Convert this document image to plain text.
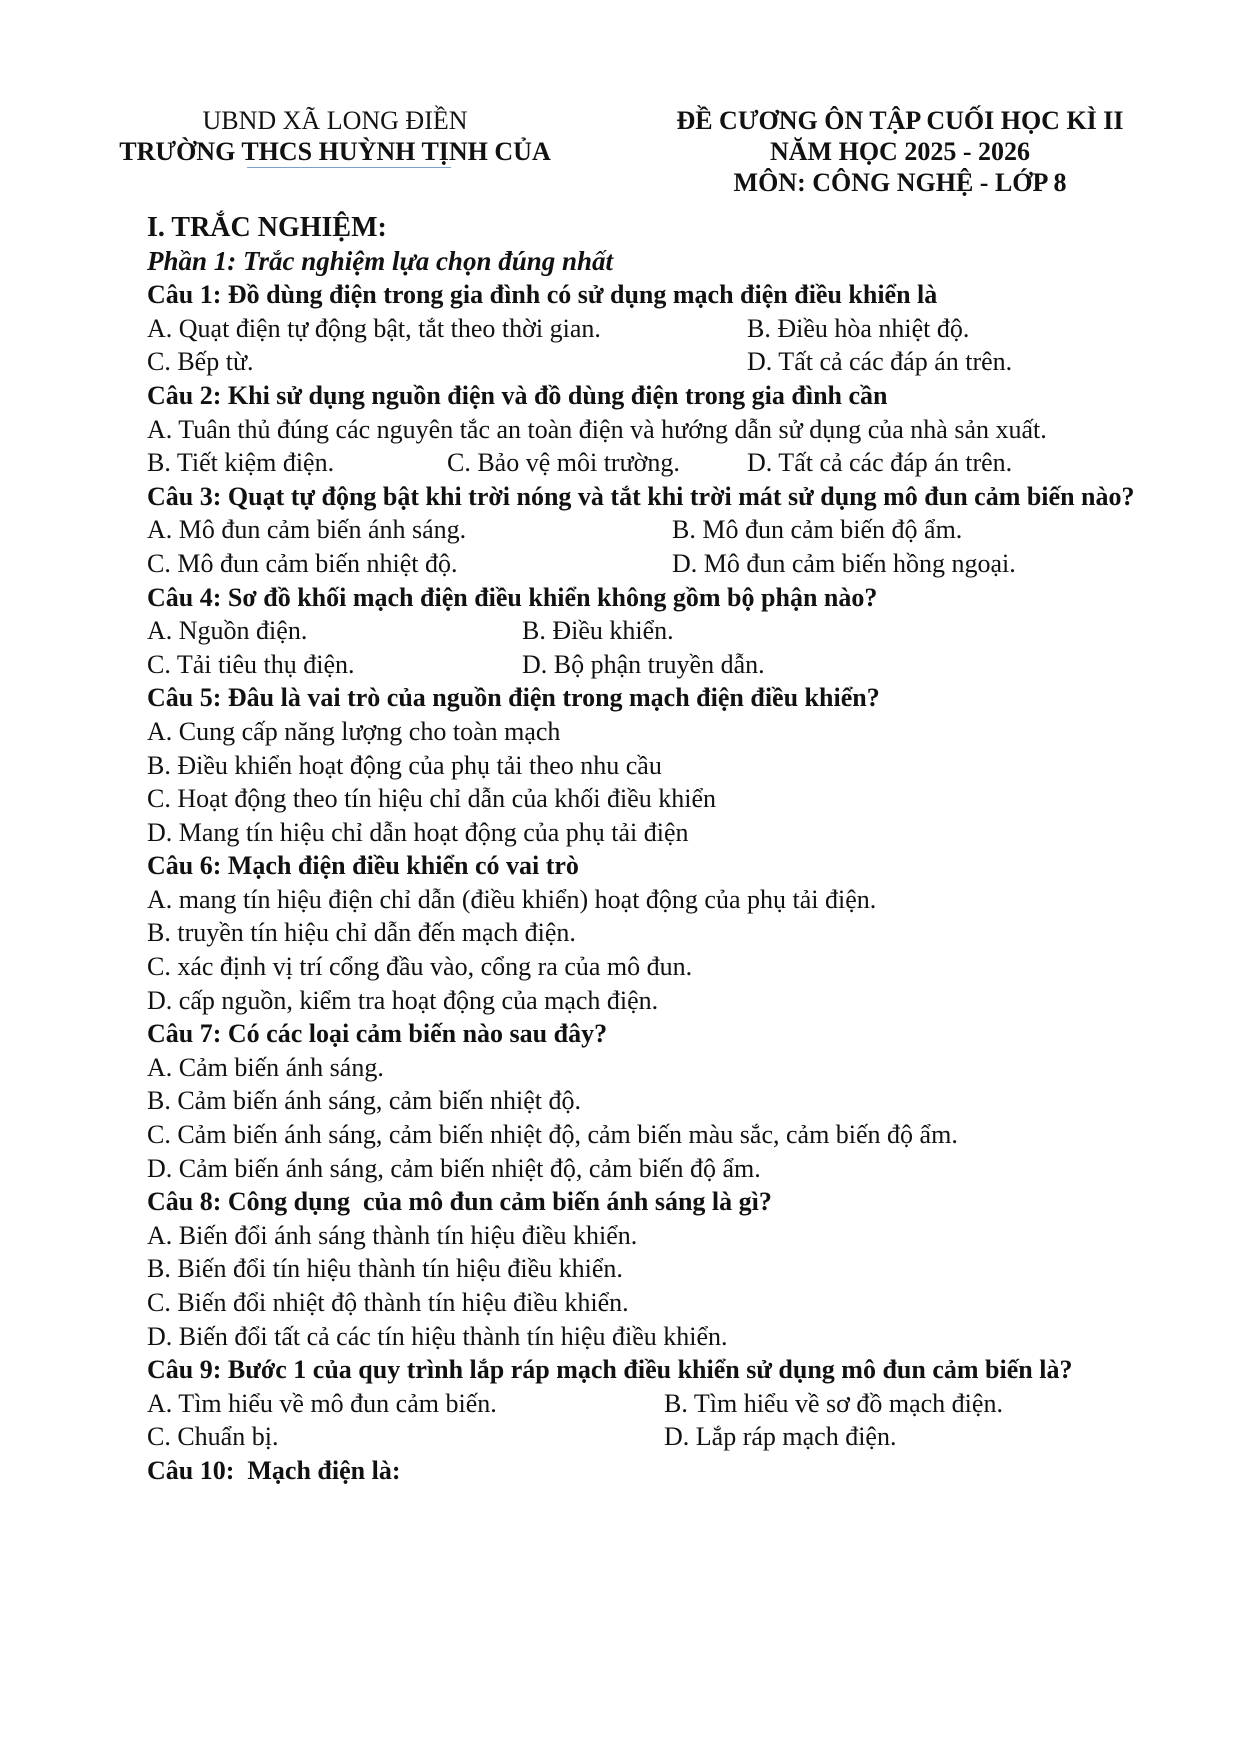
UBND XÃ LONG ĐIỀN
TRƯỜNG THCS HUỲNH TỊNH CỦA
ĐỀ CƯƠNG ÔN TẬP CUỐI HỌC KÌ II
NĂM HỌC 2025 - 2026
MÔN: CÔNG NGHỆ - LỚP 8
I. TRẮC NGHIỆM:
Phần 1: Trắc nghiệm lựa chọn đúng nhất
Câu 1: Đồ dùng điện trong gia đình có sử dụng mạch điện điều khiển là
A. Quạt điện tự động bật, tắt theo thời gian.	B. Điều hòa nhiệt độ.
C. Bếp từ.	D. Tất cả các đáp án trên.
Câu 2: Khi sử dụng nguồn điện và đồ dùng điện trong gia đình cần
A. Tuân thủ đúng các nguyên tắc an toàn điện và hướng dẫn sử dụng của nhà sản xuất.
B. Tiết kiệm điện.	C. Bảo vệ môi trường.	D. Tất cả các đáp án trên.
Câu 3: Quạt tự động bật khi trời nóng và tắt khi trời mát sử dụng mô đun cảm biến nào?
A. Mô đun cảm biến ánh sáng.	B. Mô đun cảm biến độ ẩm.
C. Mô đun cảm biến nhiệt độ.	D. Mô đun cảm biến hồng ngoại.
Câu 4: Sơ đồ khối mạch điện điều khiển không gồm bộ phận nào?
A. Nguồn điện.	B. Điều khiển.
C. Tải tiêu thụ điện.	D. Bộ phận truyền dẫn.
Câu 5: Đâu là vai trò của nguồn điện trong mạch điện điều khiển?
A. Cung cấp năng lượng cho toàn mạch
B. Điều khiển hoạt động của phụ tải theo nhu cầu
C. Hoạt động theo tín hiệu chỉ dẫn của khối điều khiển
D. Mang tín hiệu chỉ dẫn hoạt động của phụ tải điện
Câu 6: Mạch điện điều khiển có vai trò
A. mang tín hiệu điện chỉ dẫn (điều khiển) hoạt động của phụ tải điện.
B. truyền tín hiệu chỉ dẫn đến mạch điện.
C. xác định vị trí cổng đầu vào, cổng ra của mô đun.
D. cấp nguồn, kiểm tra hoạt động của mạch điện.
Câu 7: Có các loại cảm biến nào sau đây?
A. Cảm biến ánh sáng.
B. Cảm biến ánh sáng, cảm biến nhiệt độ.
C. Cảm biến ánh sáng, cảm biến nhiệt độ, cảm biến màu sắc, cảm biến độ ẩm.
D. Cảm biến ánh sáng, cảm biến nhiệt độ, cảm biến độ ẩm.
Câu 8: Công dụng  của mô đun cảm biến ánh sáng là gì?
A. Biến đổi ánh sáng thành tín hiệu điều khiển.
B. Biến đổi tín hiệu thành tín hiệu điều khiển.
C. Biến đổi nhiệt độ thành tín hiệu điều khiển.
D. Biến đổi tất cả các tín hiệu thành tín hiệu điều khiển.
Câu 9: Bước 1 của quy trình lắp ráp mạch điều khiển sử dụng mô đun cảm biến là?
A. Tìm hiểu về mô đun cảm biến.	B. Tìm hiểu về sơ đồ mạch điện.
C. Chuẩn bị.	D. Lắp ráp mạch điện.
Câu 10:  Mạch điện là:
